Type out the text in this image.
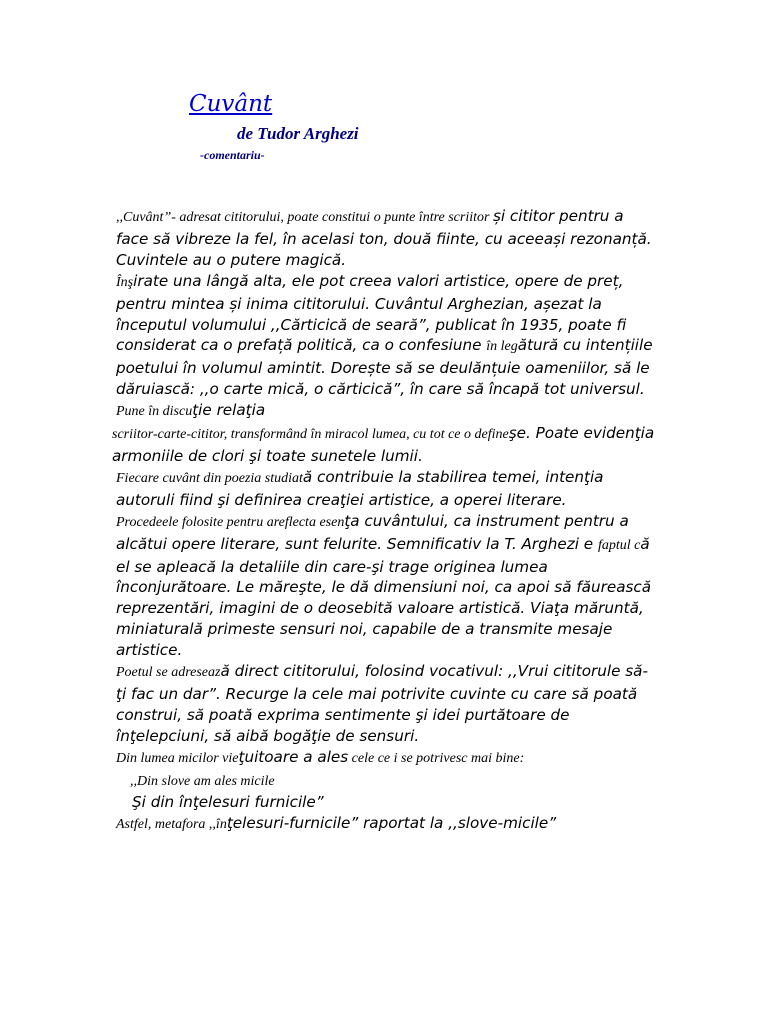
Cuvânt
de Tudor Arghezi
-comentariu-

,,Cuvânt”- adresat cititorului, poate constitui o punte între scriitor și cititor pentru a face să vibreze la fel, în acelasi ton, două fiinte, cu aceeași rezonanță. Cuvintele au o putere magică.

Înşirate una lângă alta, ele pot creea valori artistice, opere de preț, pentru mintea și inima cititorului. Cuvântul Arghezian, așezat la începutul volumului ,,Cărticică de seară”, publicat în 1935, poate fi considerat ca o prefață politică, ca o confesiune în legătură cu intențiile poetului în volumul amintit. Dorește să se deulănțuie oameniilor, să le dăruiască: ,,o carte mică, o cărticică”, în care să încapă tot universul.

Pune în discuţie relaţia

scriitor-carte-cititor, transformând în miracol lumea, cu tot ce o defineşe. Poate evidenţia armoniile de clori şi toate sunetele lumii.

Fiecare cuvânt din poezia studiată contribuie la stabilirea temei, intenţia autoruli fiind şi definirea creaţiei artistice, a operei literare.

Procedeele folosite pentru areflecta esenţa cuvântului, ca instrument pentru a alcătui opere literare, sunt felurite. Semnificativ la T. Arghezi e faptul că el se apleacă la detaliile din care-şi trage originea lumea înconjurătoare. Le măreşte, le dă dimensiuni noi, ca apoi să făurească reprezentări, imagini de o deosebită valoare artistică. Viaţa măruntă, miniaturală primeste sensuri noi, capabile de a transmite mesaje artistice.

Poetul se adresează direct cititorului, folosind vocativul: ,,Vrui cititorule să-ţi fac un dar”. Recurge la cele mai potrivite cuvinte cu care să poată construi, să poată exprima sentimente şi idei purtătoare de înţelepciuni, să aibă bogăţie de sensuri.

Din lumea micilor vieţuitoare a ales cele ce i se potrivesc mai bine:

,,Din slove am ales micile

Şi din înţelesuri furnicile”

Astfel, metafora ,,înţelesuri-furnicile” raportat la ,,slove-micile”
